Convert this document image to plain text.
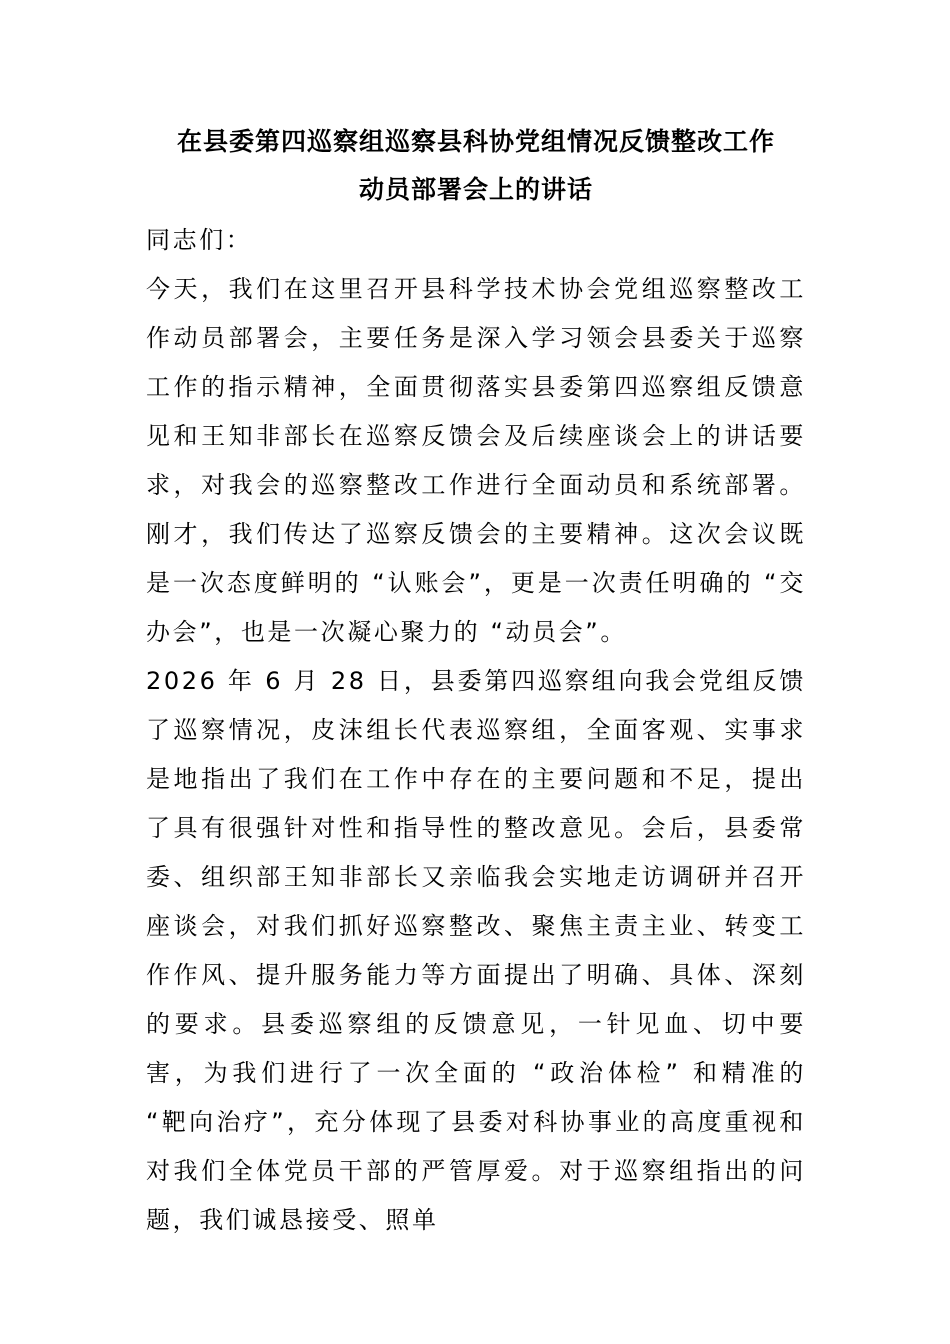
在县委第四巡察组巡察县科协党组情况反馈整改工作
动员部署会上的讲话

同志们：

今天，我们在这里召开县科学技术协会党组巡察整改工作动员部署会，主要任务是深入学习领会县委关于巡察工作的指示精神，全面贯彻落实县委第四巡察组反馈意见和王知非部长在巡察反馈会及后续座谈会上的讲话要求，对我会的巡察整改工作进行全面动员和系统部署。刚才，我们传达了巡察反馈会的主要精神。这次会议既是一次态度鲜明的 “认账会”，更是一次责任明确的 “交办会”，也是一次凝心聚力的 “动员会”。

2026 年 6 月 28 日，县委第四巡察组向我会党组反馈了巡察情况，皮沫组长代表巡察组，全面客观、实事求是地指出了我们在工作中存在的主要问题和不足，提出了具有很强针对性和指导性的整改意见。会后，县委常委、组织部王知非部长又亲临我会实地走访调研并召开座谈会，对我们抓好巡察整改、聚焦主责主业、转变工作作风、提升服务能力等方面提出了明确、具体、深刻的要求。县委巡察组的反馈意见，一针见血、切中要害，为我们进行了一次全面的 “政治体检” 和精准的 “靶向治疗”，充分体现了县委对科协事业的高度重视和对我们全体党员干部的严管厚爱。对于巡察组指出的问题，我们诚恳接受、照单
